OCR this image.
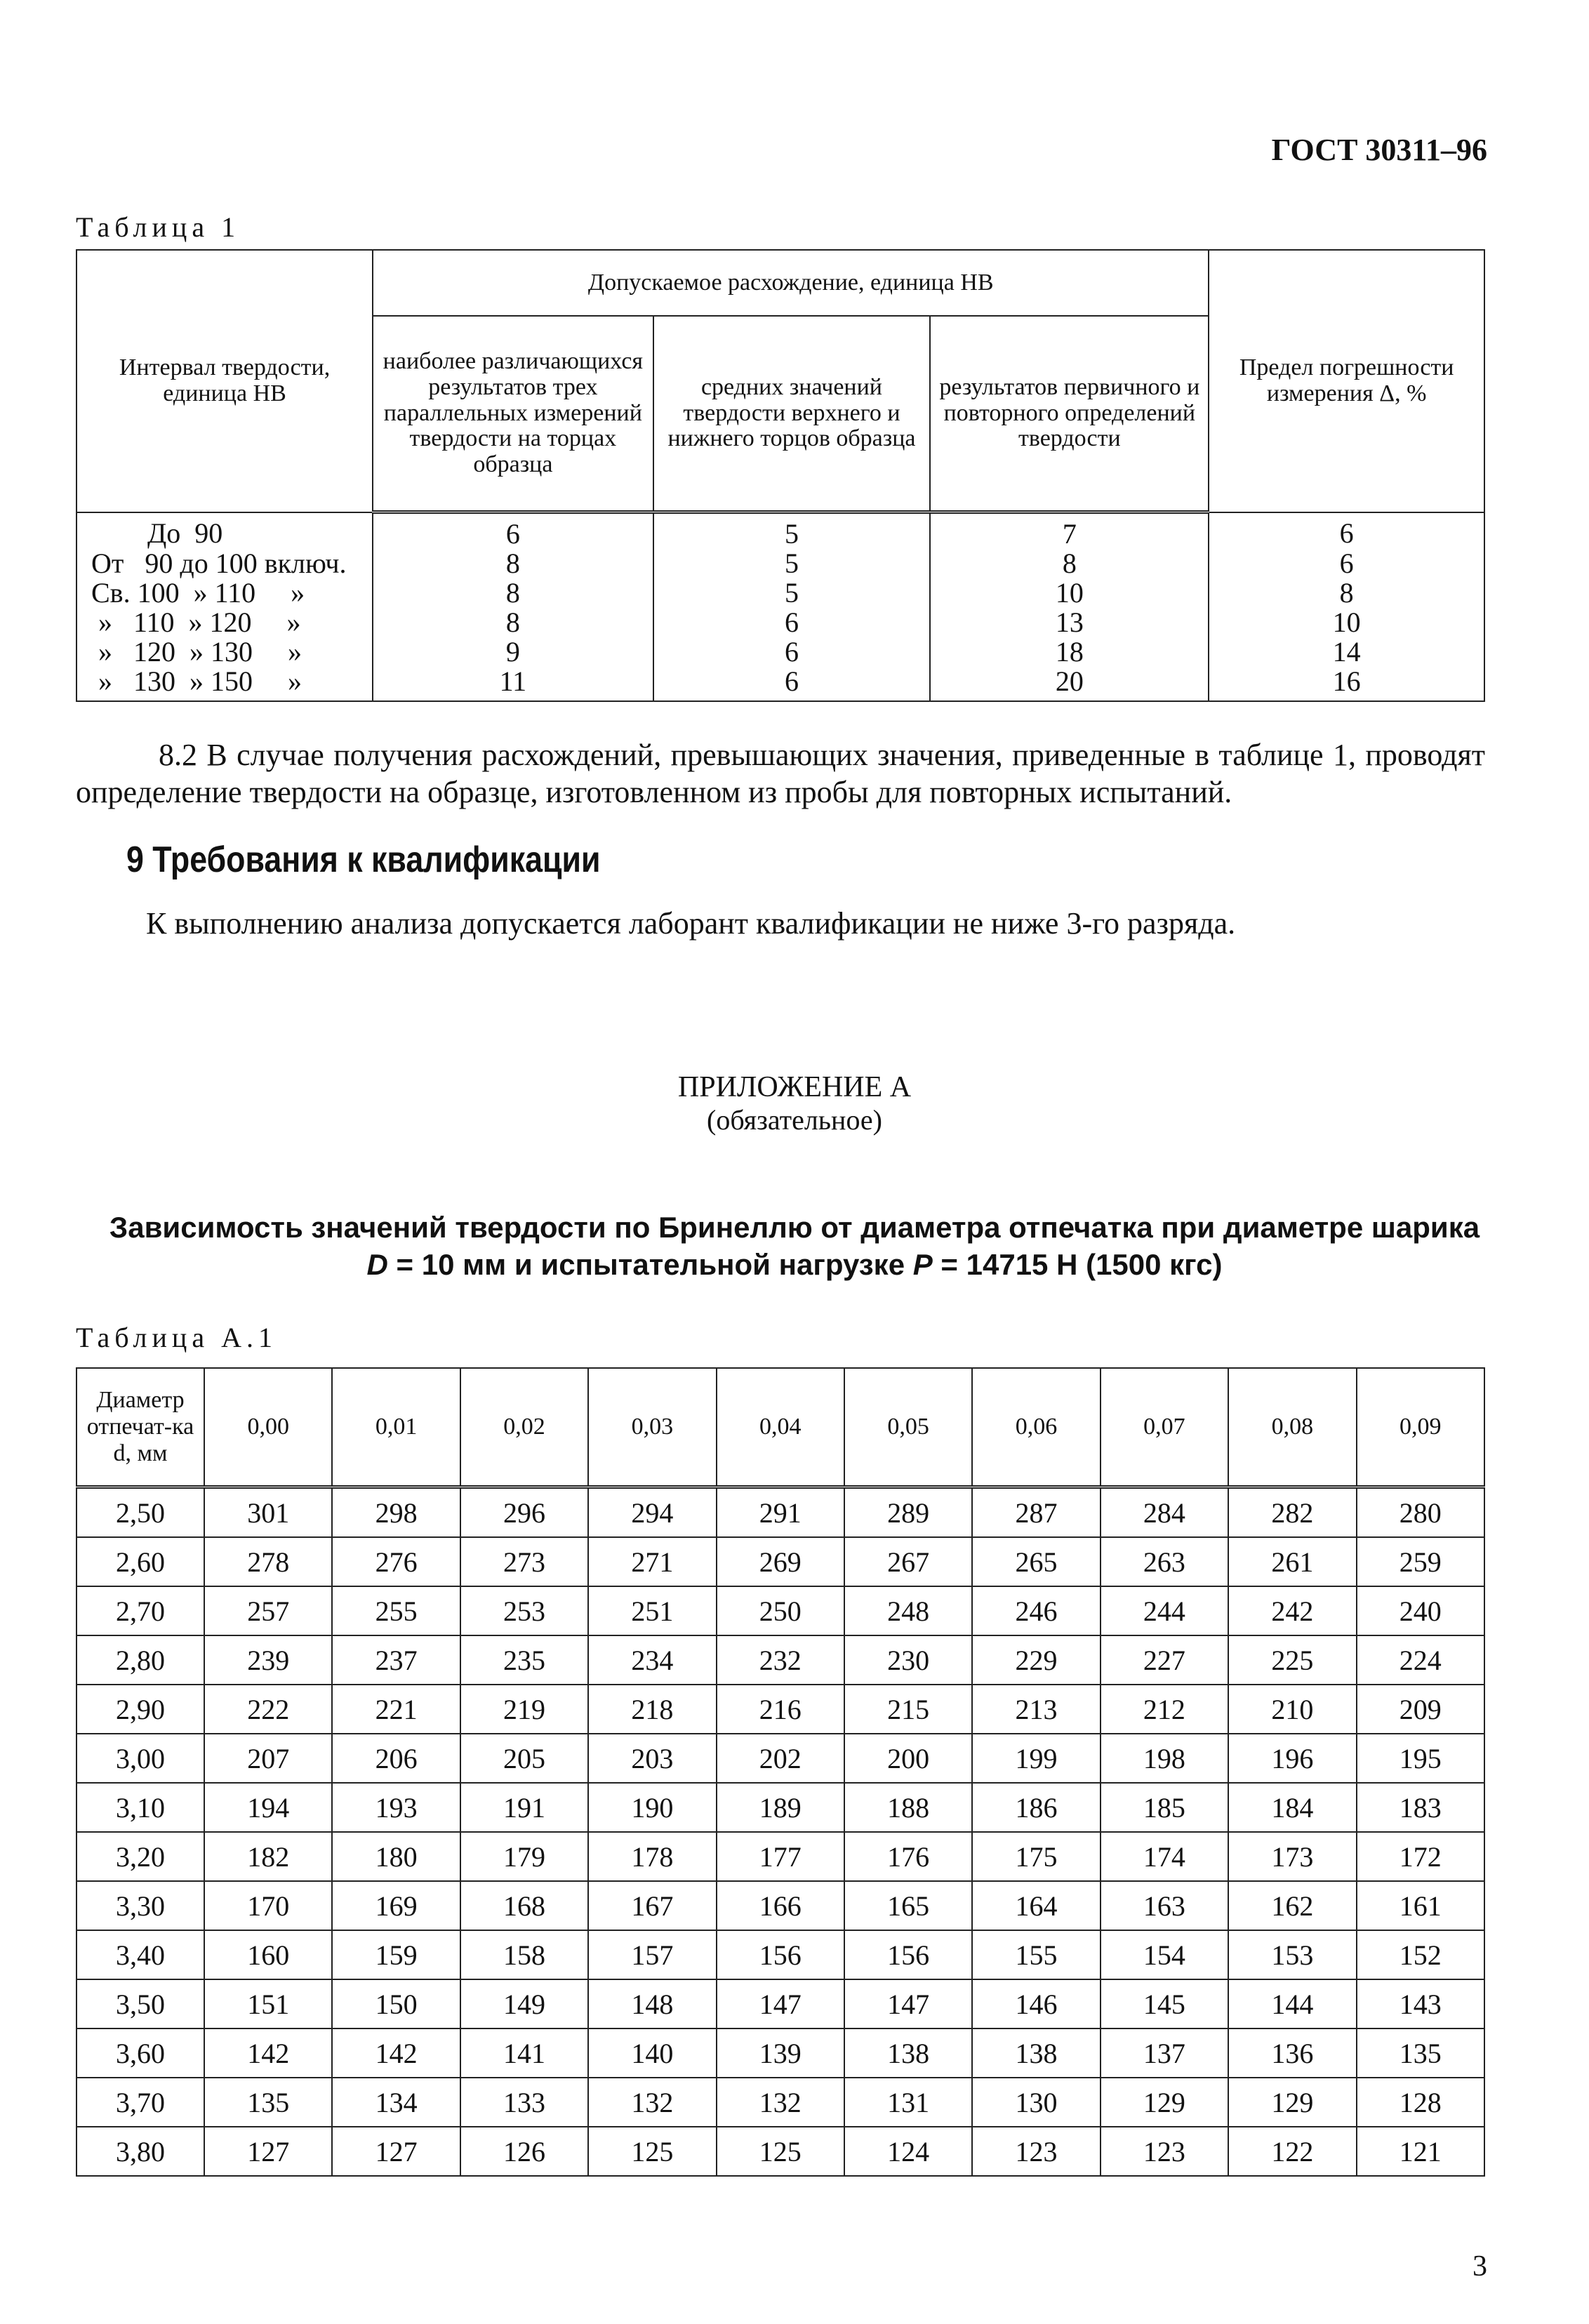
ГОСТ 30311–96
Таблица 1
Интервал твердости, единица НВ	Допускаемое расхождение, единица НВ			Предел погрешности измерения Δ, %
	наиболее различающихся результатов трех параллельных измерений твердости на торцах образца	средних значений твердости верхнего и нижнего торцов образца	результатов первичного и повторного определений твердости	
До  90	6	5	7	6
От   90 до 100 включ.	8	5	8	6
Св. 100  » 110     »	8	5	10	8
»   110  » 120     »	8	6	13	10
»   120  » 130     »	9	6	18	14
»   130  » 150     »	11	6	20	16
8.2 В случае получения расхождений, превышающих значения, приведенные в таблице 1, проводят определение твердости на образце, изготовленном из пробы для повторных испытаний.
9 Требования к квалификации
К выполнению анализа допускается лаборант квалификации не ниже 3-го разряда.
ПРИЛОЖЕНИЕ А
(обязательное)
Зависимость значений твердости по Бринеллю от диаметра отпечатка при диаметре шарика
D = 10 мм и испытательной нагрузке P = 14715 Н (1500 кгс)
Таблица А.1
Диаметр отпечат-ка d, мм	0,00	0,01	0,02	0,03	0,04	0,05	0,06	0,07	0,08	0,09
2,50	301	298	296	294	291	289	287	284	282	280
2,60	278	276	273	271	269	267	265	263	261	259
2,70	257	255	253	251	250	248	246	244	242	240
2,80	239	237	235	234	232	230	229	227	225	224
2,90	222	221	219	218	216	215	213	212	210	209
3,00	207	206	205	203	202	200	199	198	196	195
3,10	194	193	191	190	189	188	186	185	184	183
3,20	182	180	179	178	177	176	175	174	173	172
3,30	170	169	168	167	166	165	164	163	162	161
3,40	160	159	158	157	156	156	155	154	153	152
3,50	151	150	149	148	147	147	146	145	144	143
3,60	142	142	141	140	139	138	138	137	136	135
3,70	135	134	133	132	132	131	130	129	129	128
3,80	127	127	126	125	125	124	123	123	122	121
3
